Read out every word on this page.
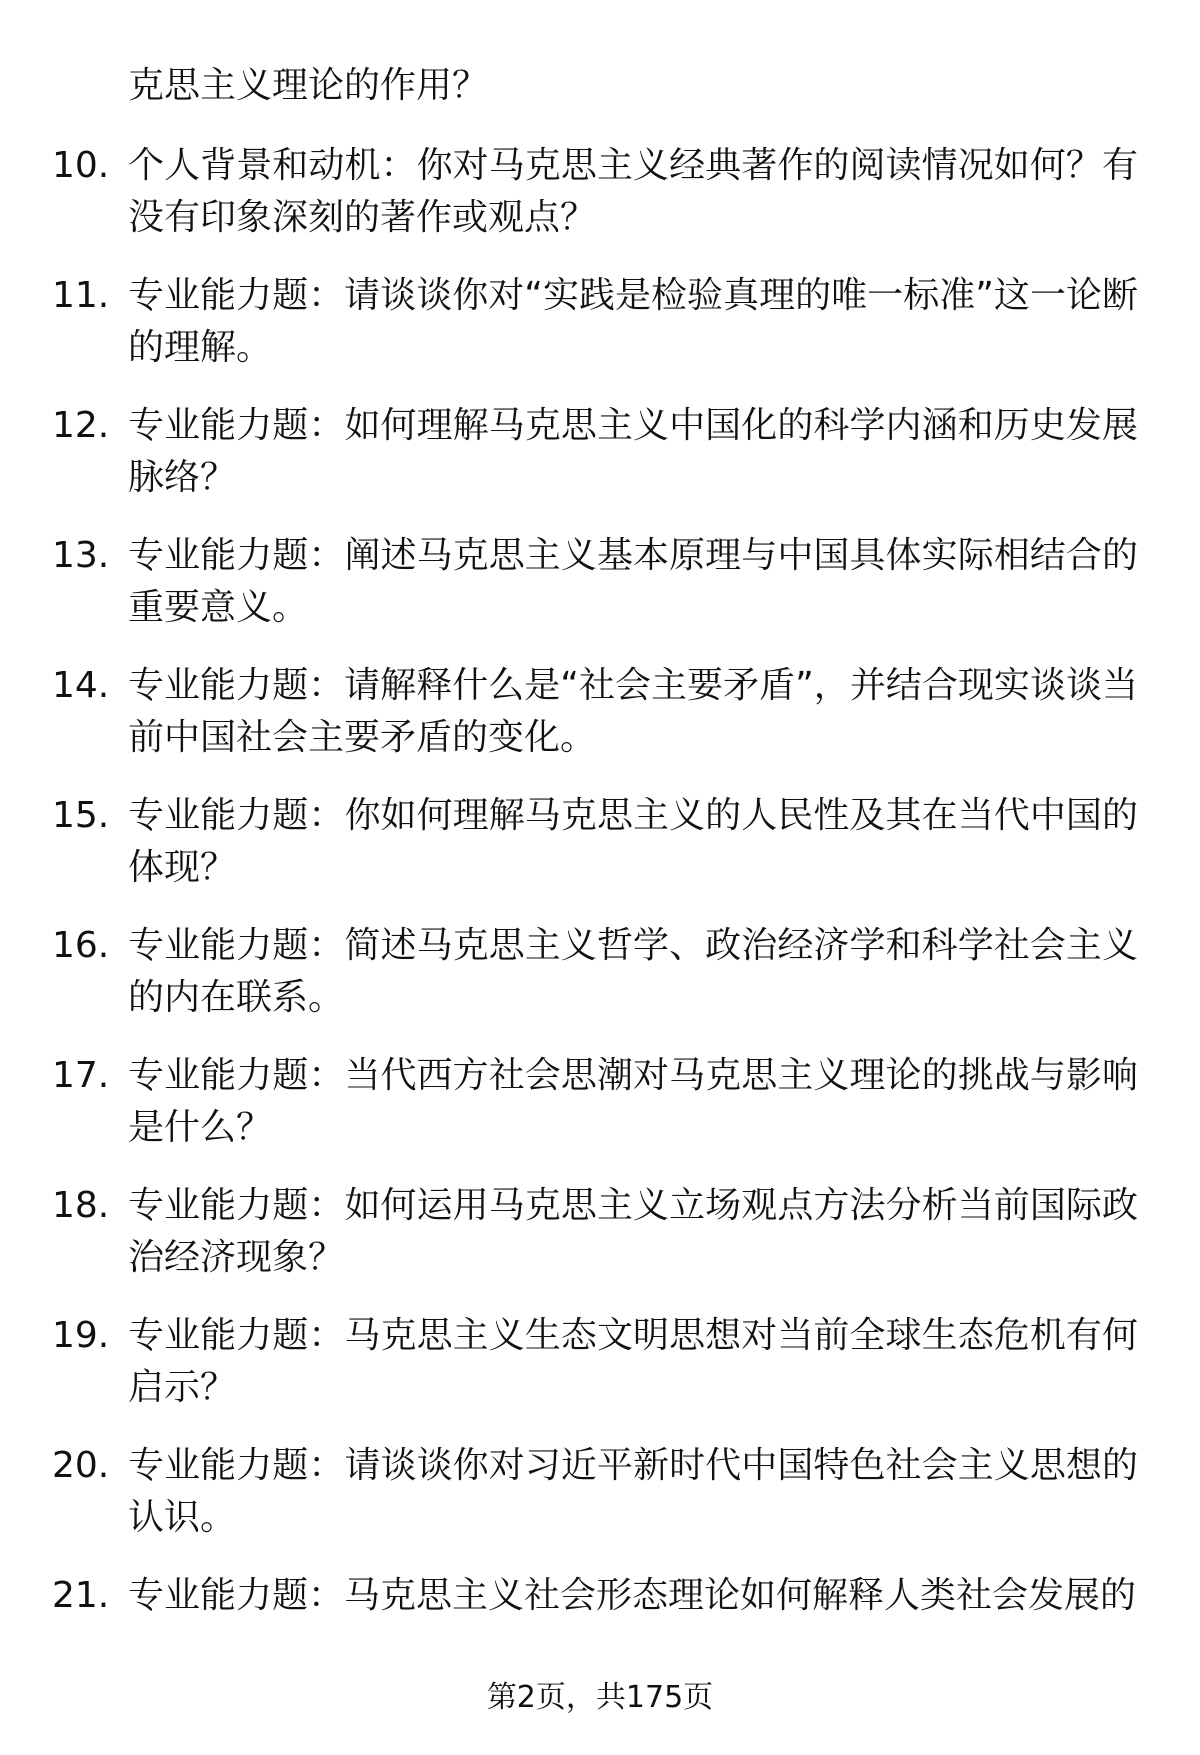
克思主义理论的作用？
10. 个人背景和动机：你对马克思主义经典著作的阅读情况如何？有没有印象深刻的著作或观点？
11. 专业能力题：请谈谈你对“实践是检验真理的唯一标准”这一论断的理解。
12. 专业能力题：如何理解马克思主义中国化的科学内涵和历史发展脉络？
13. 专业能力题：阐述马克思主义基本原理与中国具体实际相结合的重要意义。
14. 专业能力题：请解释什么是“社会主要矛盾”，并结合现实谈谈当前中国社会主要矛盾的变化。
15. 专业能力题：你如何理解马克思主义的人民性及其在当代中国的体现？
16. 专业能力题：简述马克思主义哲学、政治经济学和科学社会主义的内在联系。
17. 专业能力题：当代西方社会思潮对马克思主义理论的挑战与影响是什么？
18. 专业能力题：如何运用马克思主义立场观点方法分析当前国际政治经济现象？
19. 专业能力题：马克思主义生态文明思想对当前全球生态危机有何启示？
20. 专业能力题：请谈谈你对习近平新时代中国特色社会主义思想的认识。
21. 专业能力题：马克思主义社会形态理论如何解释人类社会发展的
第2页，共175页
